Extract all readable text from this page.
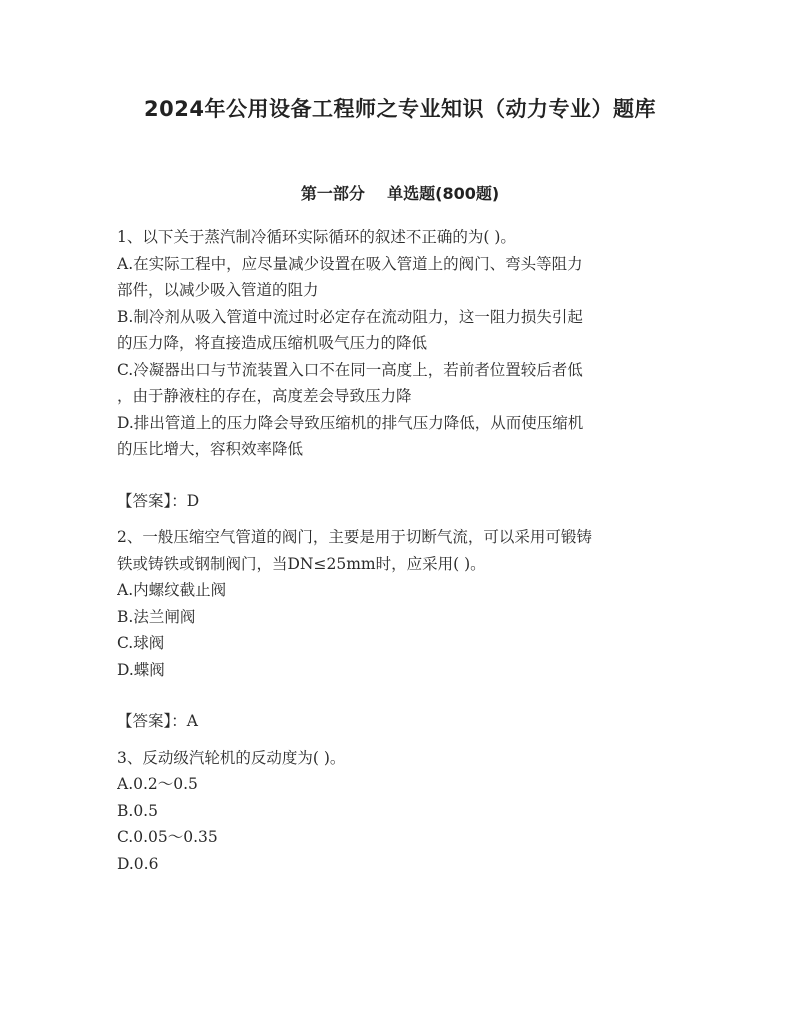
2024年公用设备工程师之专业知识（动力专业）题库
第一部分    单选题(800题)
1、以下关于蒸汽制冷循环实际循环的叙述不正确的为( )。
A.在实际工程中，应尽量减少设置在吸入管道上的阀门、弯头等阻力
部件，以减少吸入管道的阻力
B.制冷剂从吸入管道中流过时必定存在流动阻力，这一阻力损失引起
的压力降，将直接造成压缩机吸气压力的降低
C.冷凝器出口与节流装置入口不在同一高度上，若前者位置较后者低
，由于静液柱的存在，高度差会导致压力降
D.排出管道上的压力降会导致压缩机的排气压力降低，从而使压缩机
的压比增大，容积效率降低
【答案】：D
2、一般压缩空气管道的阀门，主要是用于切断气流，可以采用可锻铸
铁或铸铁或钢制阀门，当DN≤25mm时，应采用( )。
A.内螺纹截止阀
B.法兰闸阀
C.球阀
D.蝶阀
【答案】：A
3、反动级汽轮机的反动度为( )。
A.0.2～0.5
B.0.5
C.0.05～0.35
D.0.6
